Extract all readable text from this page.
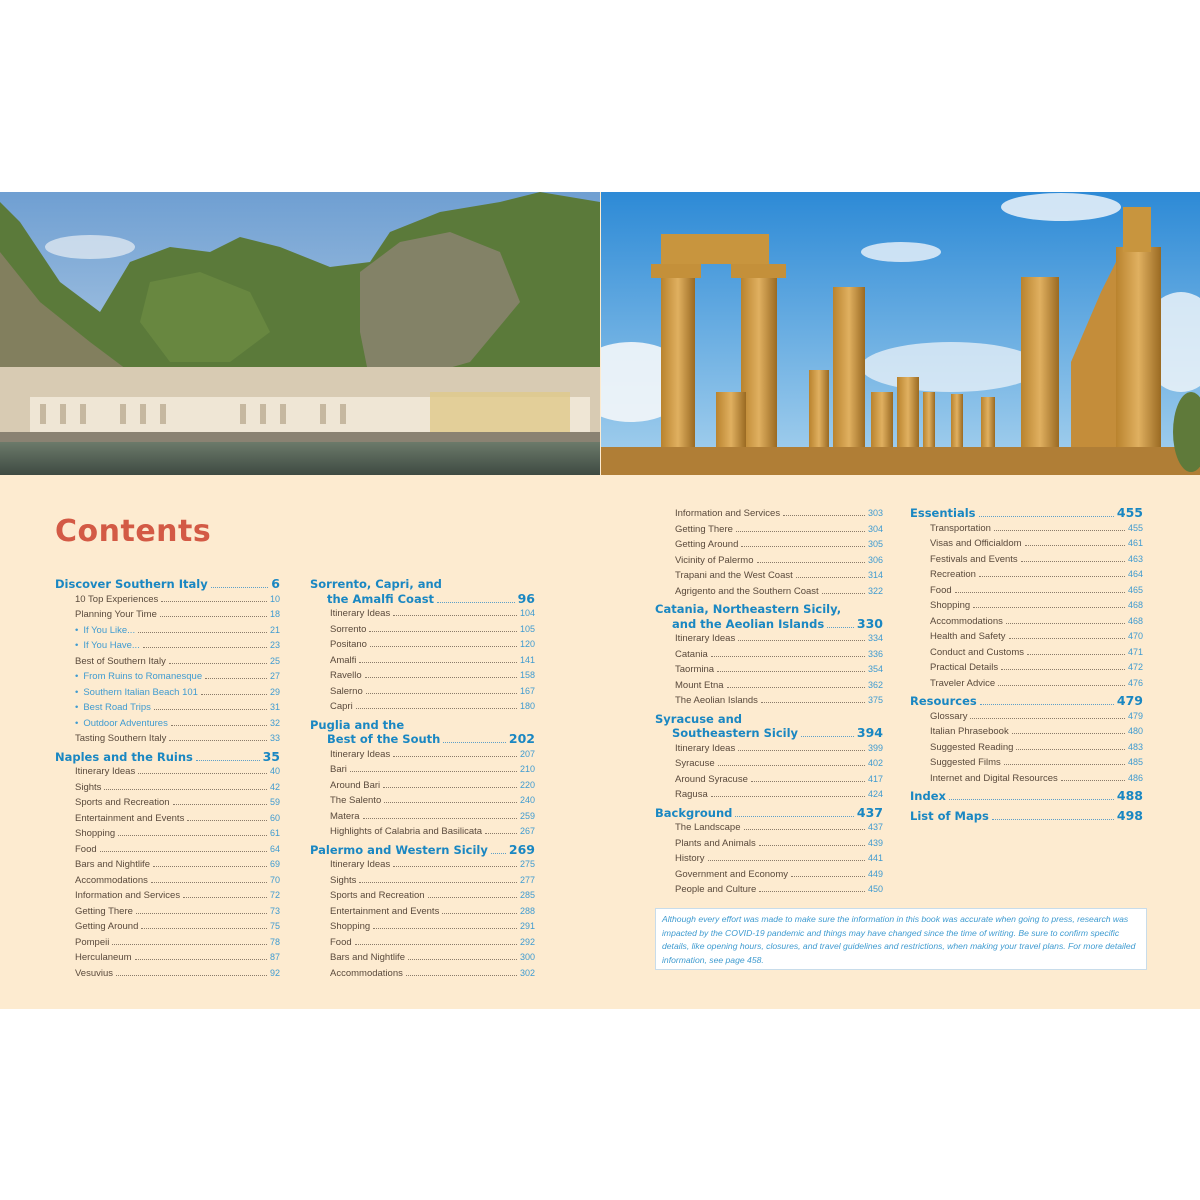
Contents
Discover Southern Italy	6
10 Top Experiences	10
Planning Your Time	18
• If You Like...	21
• If You Have...	23
Best of Southern Italy	25
• From Ruins to Romanesque	27
• Southern Italian Beach 101	29
• Best Road Trips	31
• Outdoor Adventures	32
Tasting Southern Italy	33
Naples and the Ruins	35
Itinerary Ideas	40
Sights	42
Sports and Recreation	59
Entertainment and Events	60
Shopping	61
Food	64
Bars and Nightlife	69
Accommodations	70
Information and Services	72
Getting There	73
Getting Around	75
Pompeii	78
Herculaneum	87
Vesuvius	92
Sorrento, Capri, and
the Amalfi Coast	96
Itinerary Ideas	104
Sorrento	105
Positano	120
Amalfi	141
Ravello	158
Salerno	167
Capri	180
Puglia and the
Best of the South	202
Itinerary Ideas	207
Bari	210
Around Bari	220
The Salento	240
Matera	259
Highlights of Calabria and Basilicata	267
Palermo and Western Sicily 269
Itinerary Ideas	275
Sights	277
Sports and Recreation	285
Entertainment and Events	288
Shopping	291
Food	292
Bars and Nightlife	300
Accommodations	302
Information and Services	303
Getting There	304
Getting Around	305
Vicinity of Palermo	306
Trapani and the West Coast	314
Agrigento and the Southern Coast	322
Catania, Northeastern Sicily,
and the Aeolian Islands	330
Itinerary Ideas	334
Catania	336
Taormina	354
Mount Etna	362
The Aeolian Islands	375
Syracuse and
Southeastern Sicily	394
Itinerary Ideas	399
Syracuse	402
Around Syracuse	417
Ragusa	424
Background	437
The Landscape	437
Plants and Animals	439
History	441
Government and Economy	449
People and Culture	450
Essentials	455
Transportation	455
Visas and Officialdom	461
Festivals and Events	463
Recreation	464
Food	465
Shopping	468
Accommodations	468
Health and Safety	470
Conduct and Customs	471
Practical Details	472
Traveler Advice	476
Resources	479
Glossary	479
Italian Phrasebook	480
Suggested Reading	483
Suggested Films	485
Internet and Digital Resources	486
Index	488
List of Maps	498
Although every effort was made to make sure the information in this book was accurate when going to press, research was impacted by the COVID-19 pandemic and things may have changed since the time of writing. Be sure to confirm specific details, like opening hours, closures, and travel guidelines and restrictions, when making your travel plans. For more detailed information, see page 458.
